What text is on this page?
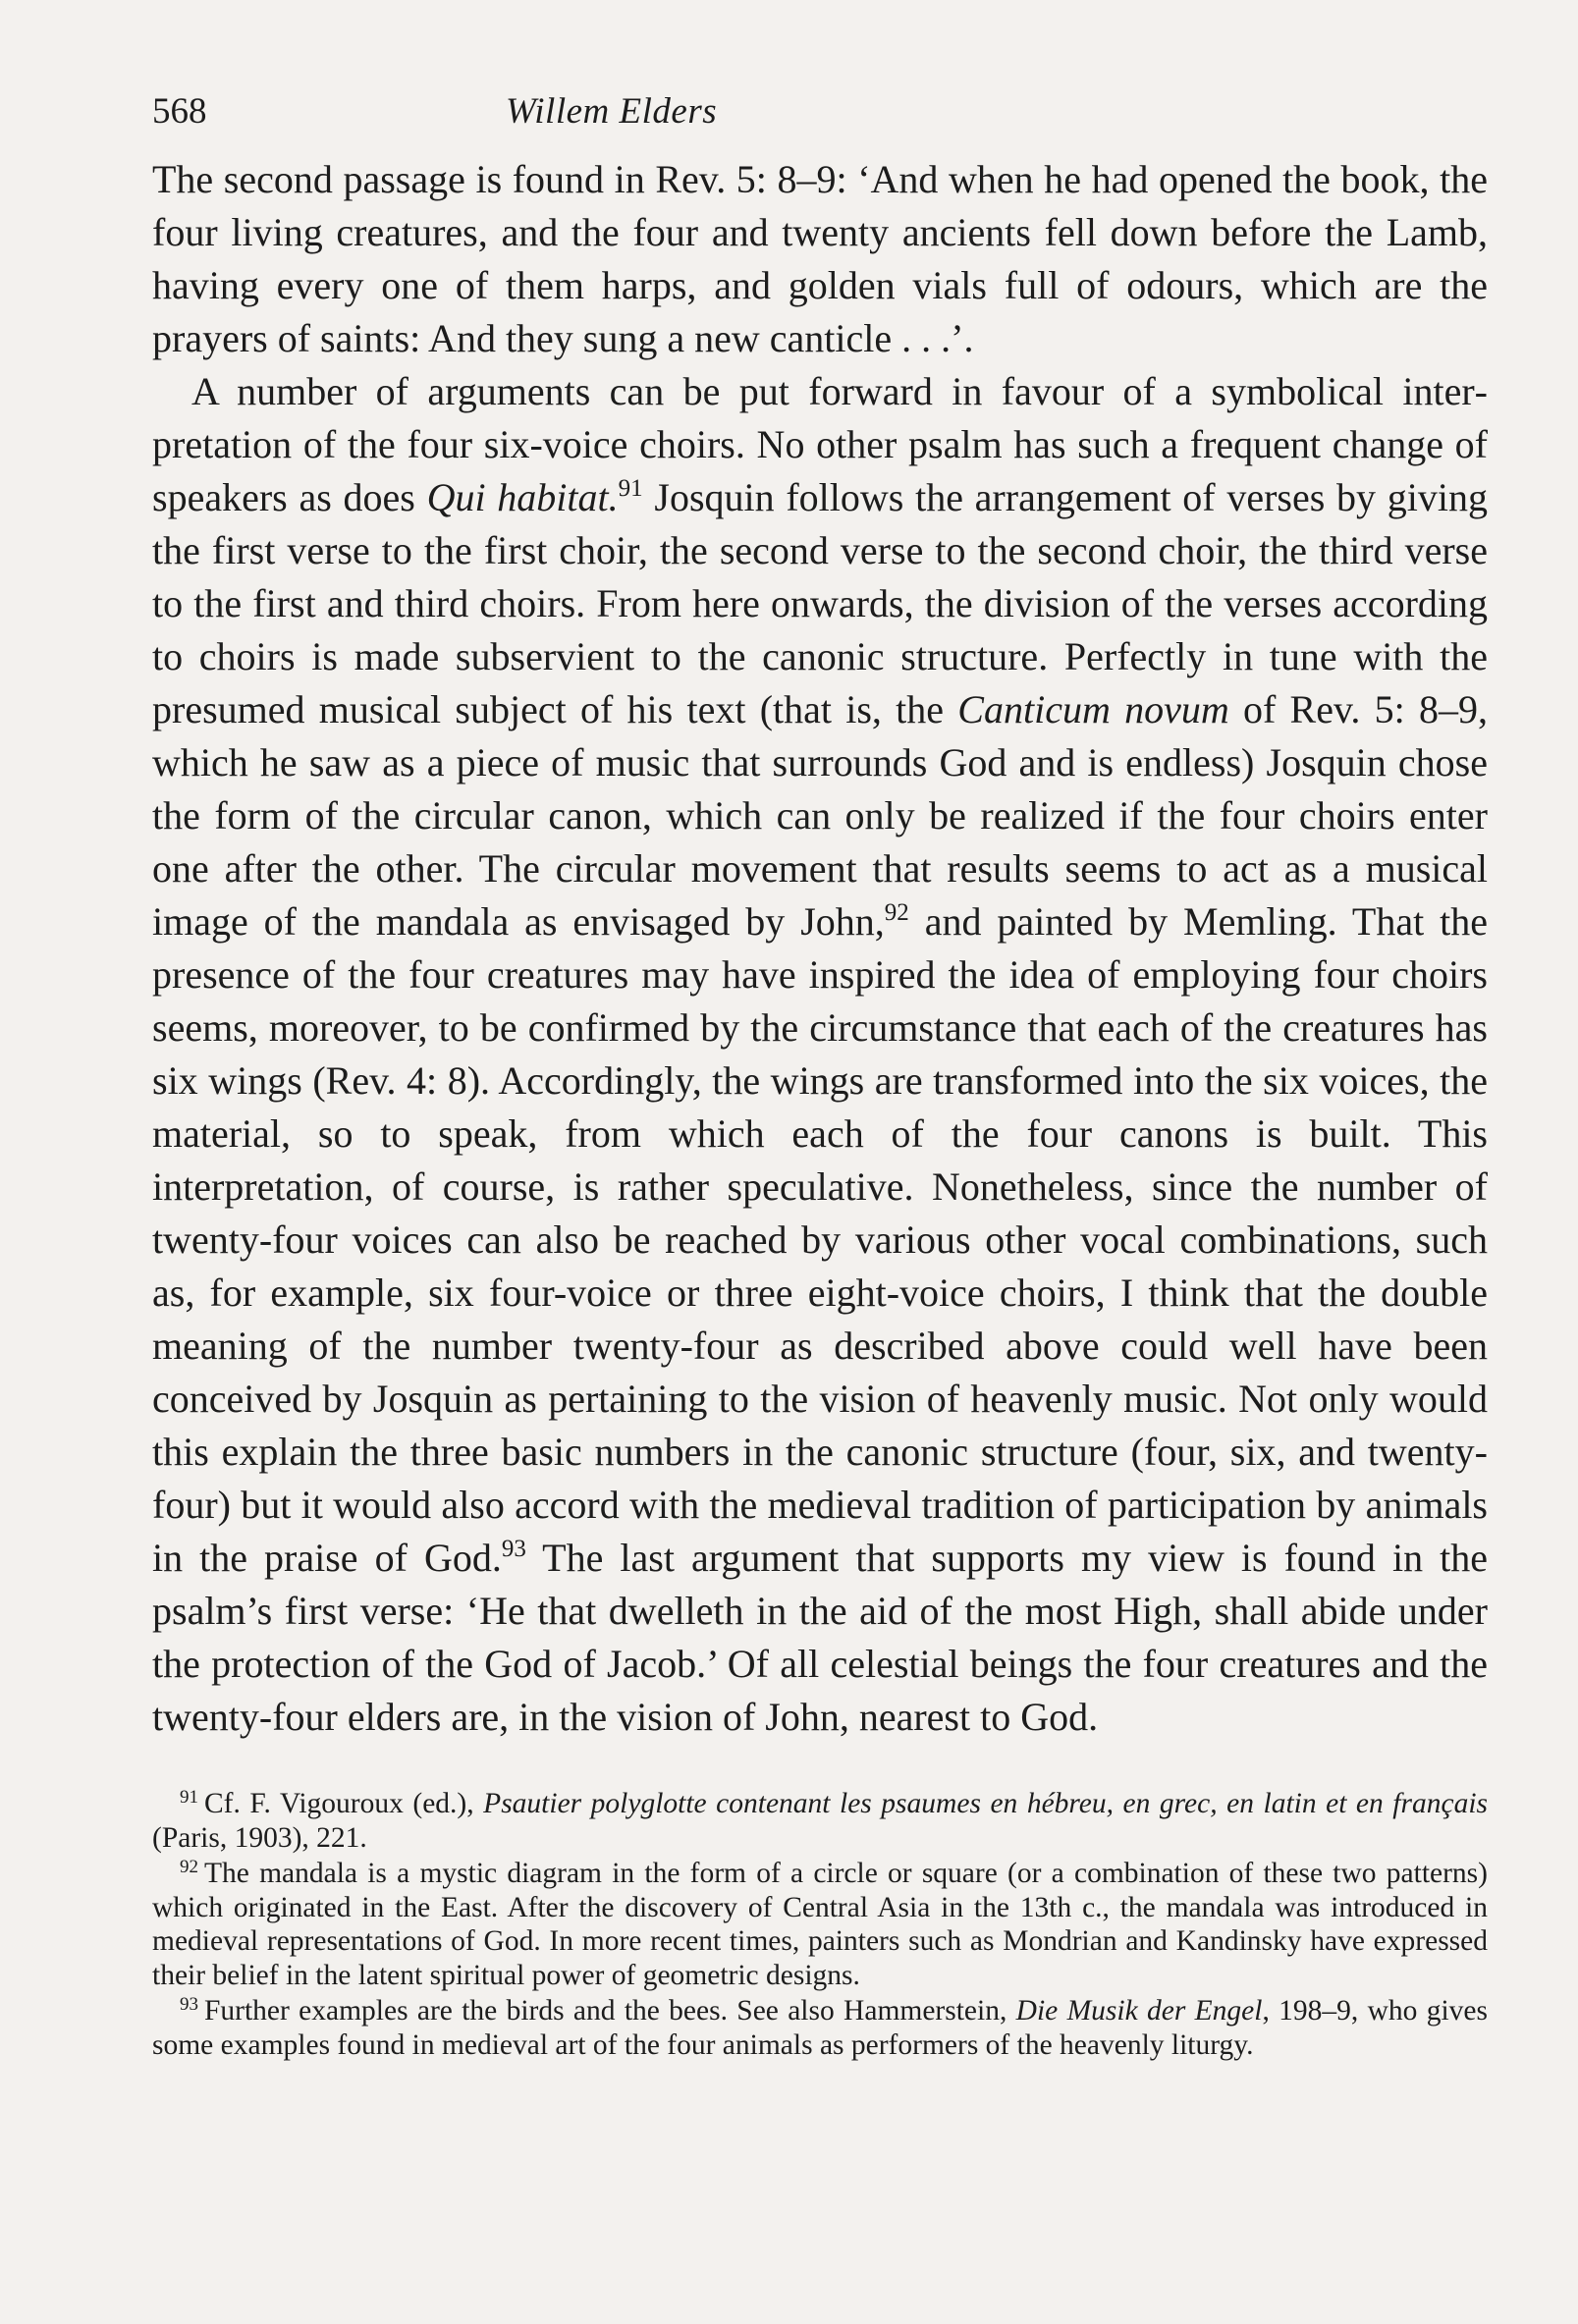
568	Willem Elders

The second passage is found in Rev. 5: 8–9: ‘And when he had opened the book, the four living creatures, and the four and twenty ancients fell down before the Lamb, having every one of them harps, and golden vials full of odours, which are the prayers of saints: And they sung a new canticle . . .’.

A number of arguments can be put forward in favour of a symbolical interpretation of the four six-voice choirs. No other psalm has such a frequent change of speakers as does Qui habitat.$^{91}$ Josquin follows the arrangement of verses by giving the first verse to the first choir, the second verse to the second choir, the third verse to the first and third choirs. From here onwards, the division of the verses according to choirs is made subservient to the canonic structure. Perfectly in tune with the presumed musical subject of his text (that is, the Canticum novum of Rev. 5: 8–9, which he saw as a piece of music that surrounds God and is endless) Josquin chose the form of the circular canon, which can only be realized if the four choirs enter one after the other. The circular movement that results seems to act as a musical image of the mandala as envisaged by John,$^{92}$ and painted by Memling. That the presence of the four creatures may have inspired the idea of employing four choirs seems, moreover, to be confirmed by the circumstance that each of the creatures has six wings (Rev. 4: 8). Accordingly, the wings are transformed into the six voices, the material, so to speak, from which each of the four canons is built. This interpretation, of course, is rather speculative. Nonetheless, since the number of twenty-four voices can also be reached by various other vocal combinations, such as, for example, six four-voice or three eight-voice choirs, I think that the double meaning of the number twenty-four as described above could well have been conceived by Josquin as pertaining to the vision of heavenly music. Not only would this explain the three basic numbers in the canonic structure (four, six, and twenty-four) but it would also accord with the medieval tradition of participation by animals in the praise of God.$^{93}$ The last argument that supports my view is found in the psalm’s first verse: ‘He that dwelleth in the aid of the most High, shall abide under the protection of the God of Jacob.’ Of all celestial beings the four creatures and the twenty-four elders are, in the vision of John, nearest to God.

$^{91}$ Cf. F. Vigouroux (ed.), Psautier polyglotte contenant les psaumes en hébreu, en grec, en latin et en français (Paris, 1903), 221.

$^{92}$ The mandala is a mystic diagram in the form of a circle or square (or a combination of these two patterns) which originated in the East. After the discovery of Central Asia in the 13th c., the mandala was introduced in medieval representations of God. In more recent times, painters such as Mondrian and Kandinsky have expressed their belief in the latent spiritual power of geometric designs.

$^{93}$ Further examples are the birds and the bees. See also Hammerstein, Die Musik der Engel, 198–9, who gives some examples found in medieval art of the four animals as performers of the heavenly liturgy.
